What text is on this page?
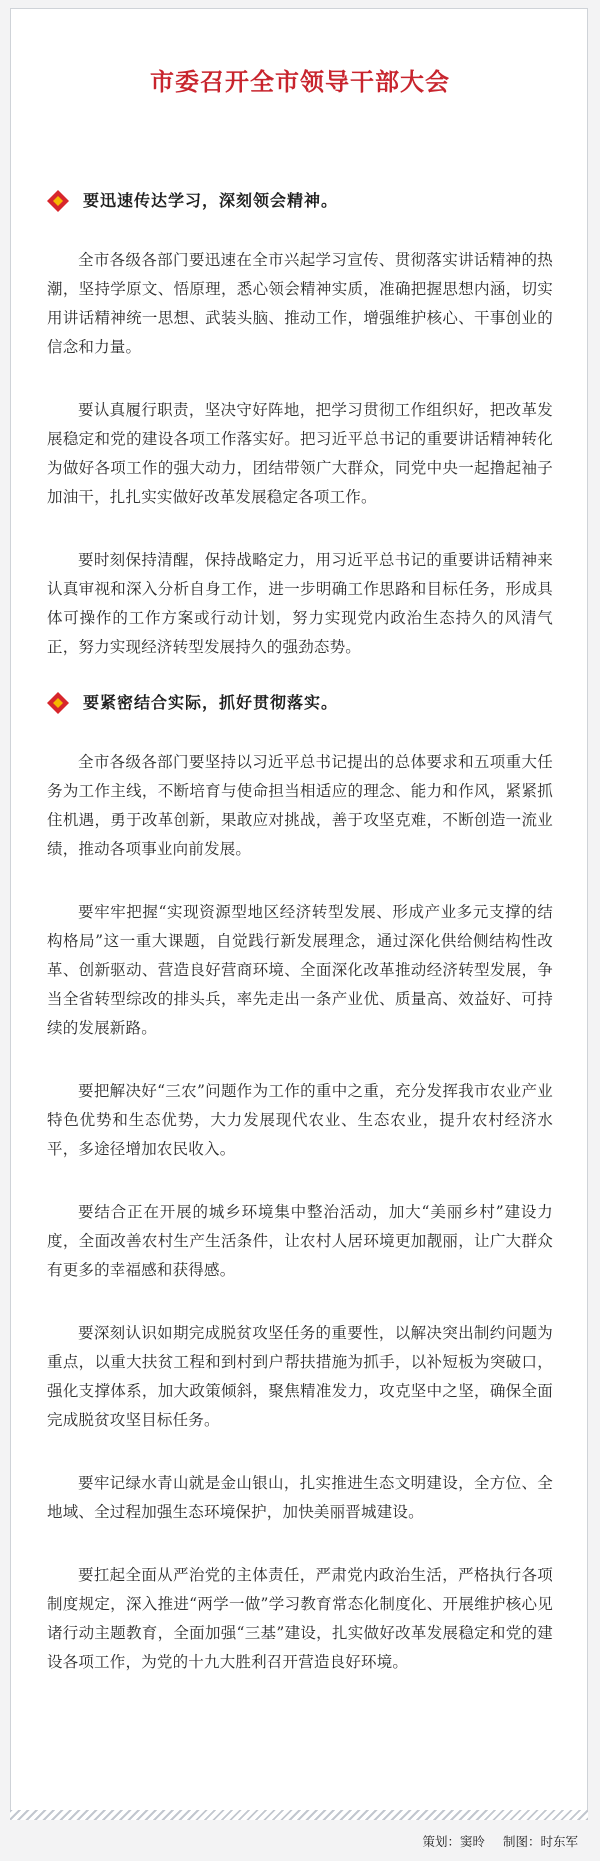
市委召开全市领导干部大会
要迅速传达学习，深刻领会精神。

全市各级各部门要迅速在全市兴起学习宣传、贯彻落实讲话精神的热潮，坚持学原文、悟原理，悉心领会精神实质，准确把握思想内涵，切实用讲话精神统一思想、武装头脑、推动工作，增强维护核心、干事创业的信念和力量。

要认真履行职责，坚决守好阵地，把学习贯彻工作组织好，把改革发展稳定和党的建设各项工作落实好。把习近平总书记的重要讲话精神转化为做好各项工作的强大动力，团结带领广大群众，同党中央一起撸起袖子加油干，扎扎实实做好改革发展稳定各项工作。

要时刻保持清醒，保持战略定力，用习近平总书记的重要讲话精神来认真审视和深入分析自身工作，进一步明确工作思路和目标任务，形成具体可操作的工作方案或行动计划，努力实现党内政治生态持久的风清气正，努力实现经济转型发展持久的强劲态势。

要紧密结合实际，抓好贯彻落实。

全市各级各部门要坚持以习近平总书记提出的总体要求和五项重大任务为工作主线，不断培育与使命担当相适应的理念、能力和作风，紧紧抓住机遇，勇于改革创新，果敢应对挑战，善于攻坚克难，不断创造一流业绩，推动各项事业向前发展。

要牢牢把握“实现资源型地区经济转型发展、形成产业多元支撑的结构格局”这一重大课题，自觉践行新发展理念，通过深化供给侧结构性改革、创新驱动、营造良好营商环境、全面深化改革推动经济转型发展，争当全省转型综改的排头兵，率先走出一条产业优、质量高、效益好、可持续的发展新路。

要把解决好“三农”问题作为工作的重中之重，充分发挥我市农业产业特色优势和生态优势，大力发展现代农业、生态农业，提升农村经济水平，多途径增加农民收入。

要结合正在开展的城乡环境集中整治活动，加大“美丽乡村”建设力度，全面改善农村生产生活条件，让农村人居环境更加靓丽，让广大群众有更多的幸福感和获得感。

要深刻认识如期完成脱贫攻坚任务的重要性，以解决突出制约问题为重点，以重大扶贫工程和到村到户帮扶措施为抓手，以补短板为突破口，强化支撑体系，加大政策倾斜，聚焦精准发力，攻克坚中之坚，确保全面完成脱贫攻坚目标任务。

要牢记绿水青山就是金山银山，扎实推进生态文明建设，全方位、全地域、全过程加强生态环境保护，加快美丽晋城建设。

要扛起全面从严治党的主体责任，严肃党内政治生活，严格执行各项制度规定，深入推进“两学一做”学习教育常态化制度化、开展维护核心见诸行动主题教育，全面加强“三基”建设，扎实做好改革发展稳定和党的建设各项工作，为党的十九大胜利召开营造良好环境。

策划：窦昤 制图：时东军
